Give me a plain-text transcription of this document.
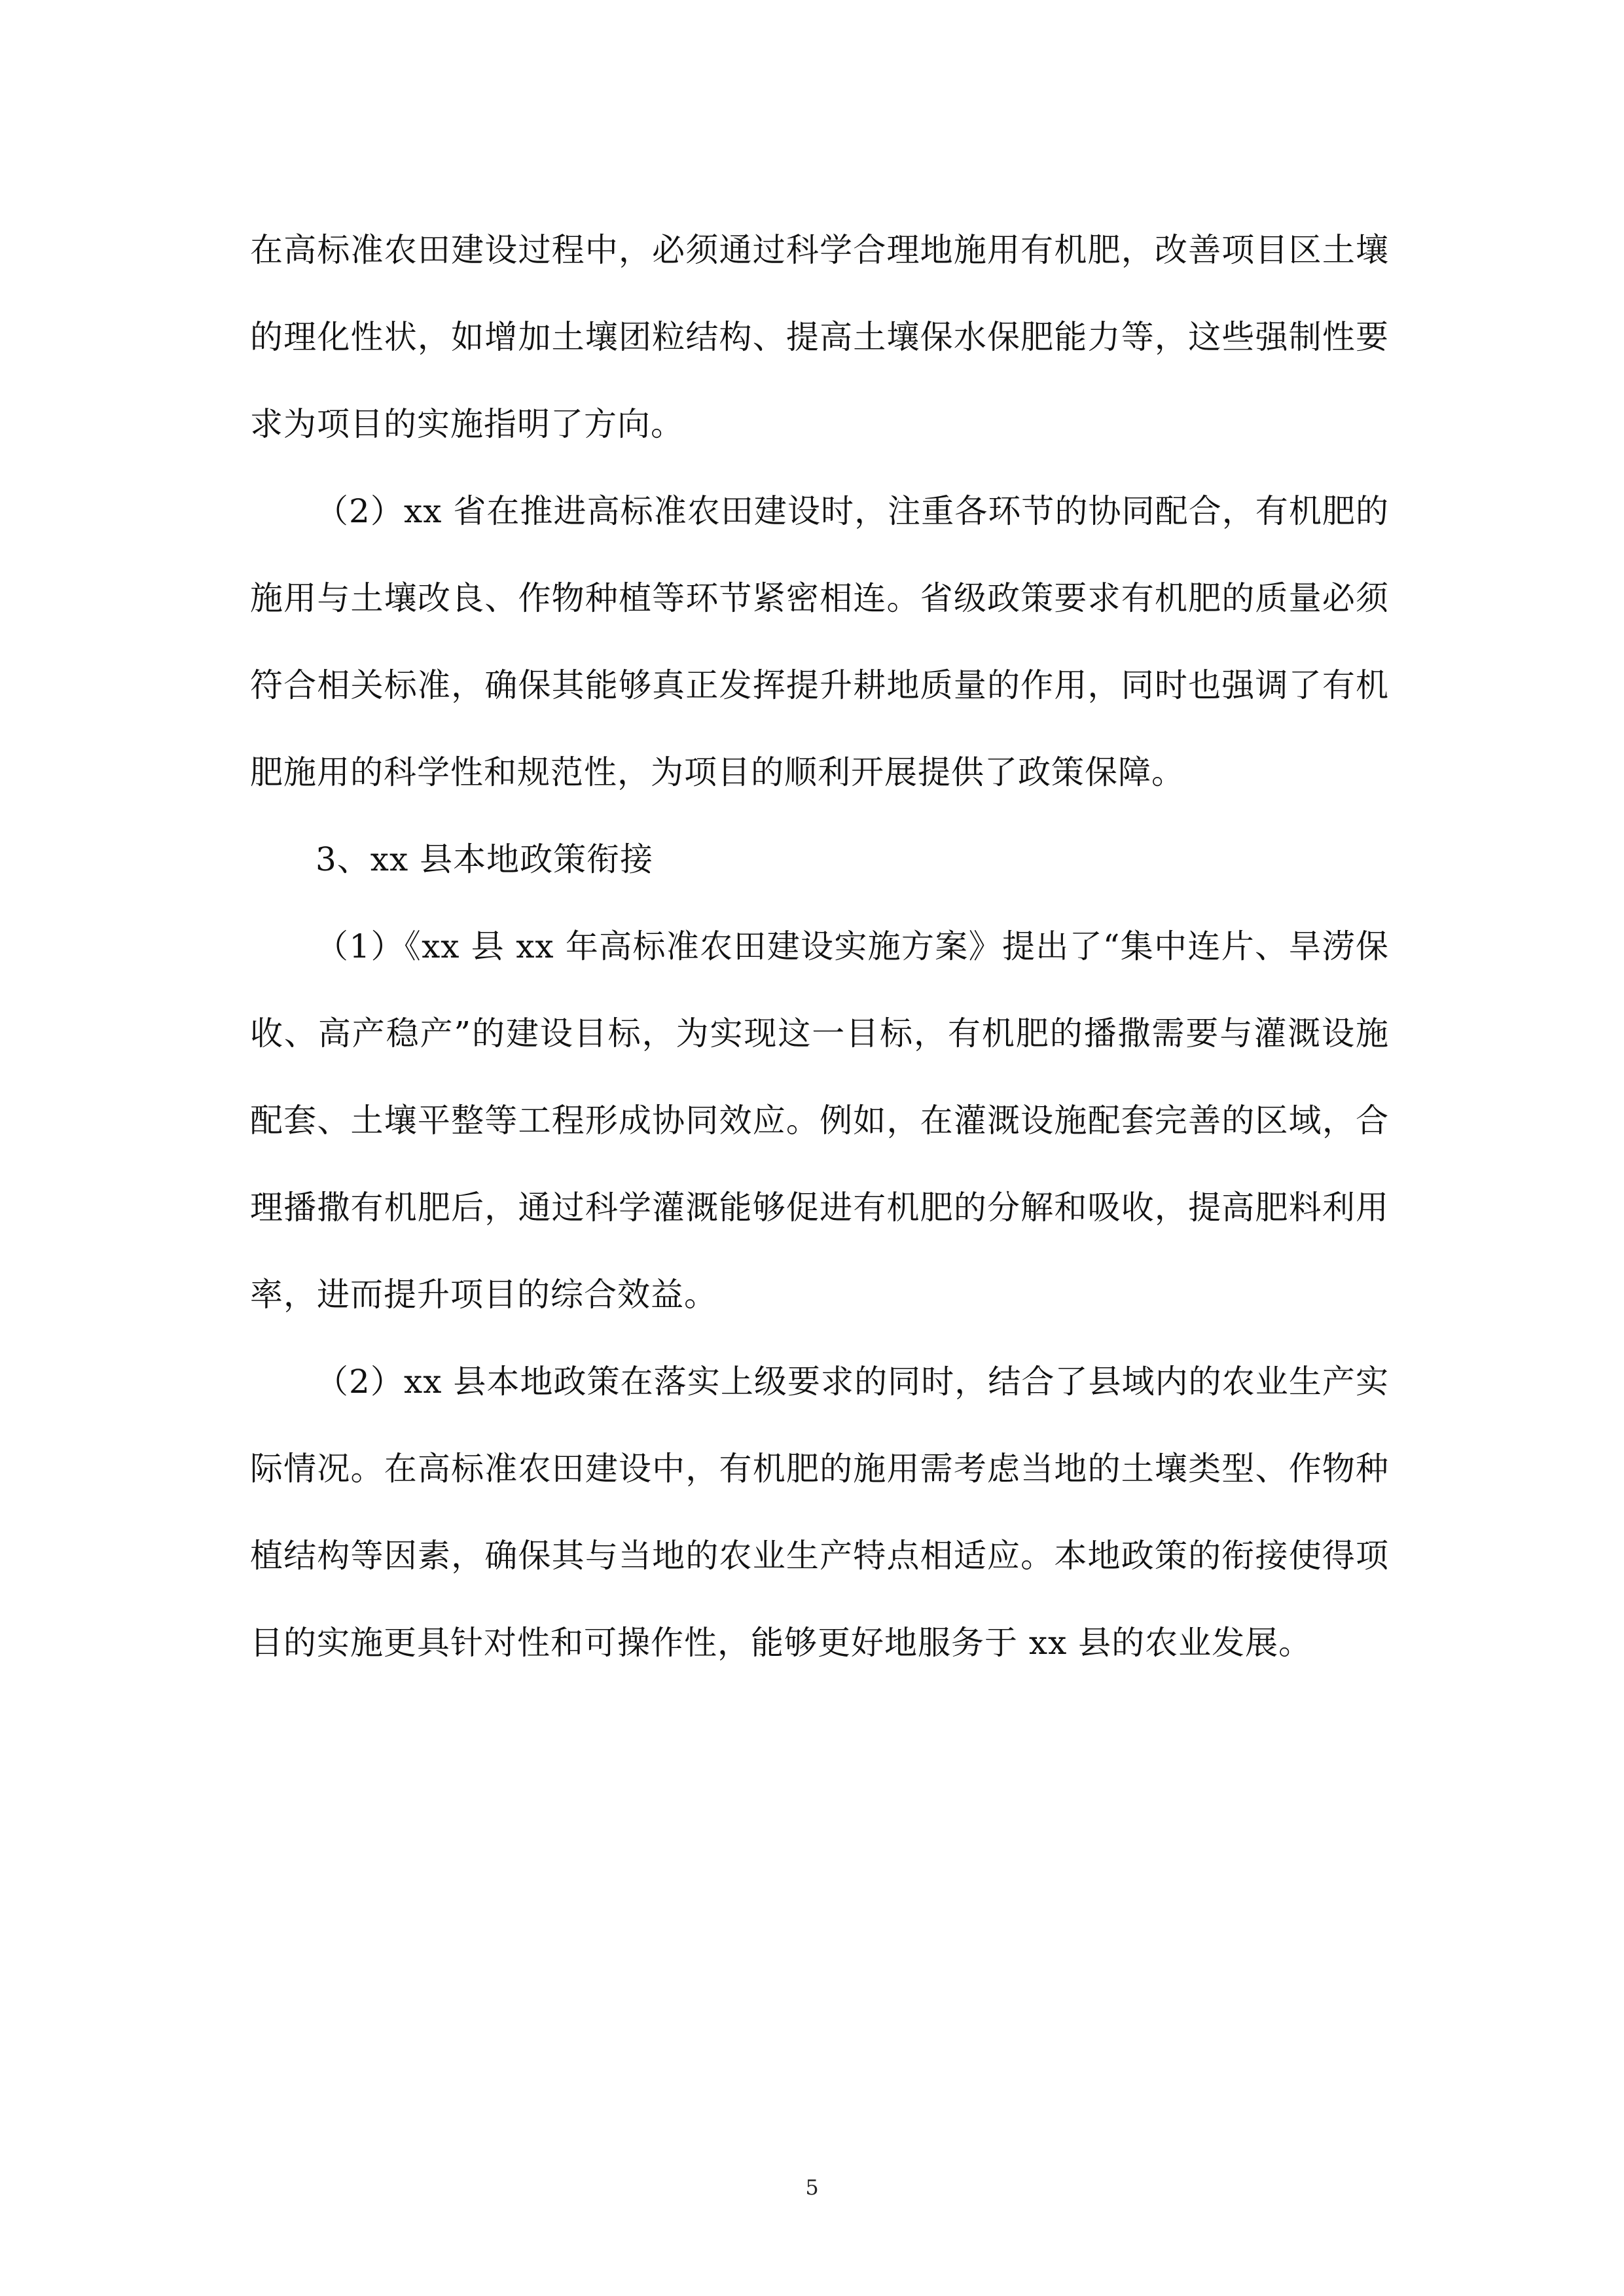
在高标准农田建设过程中，必须通过科学合理地施用有机肥，改善项目区土壤的理化性状，如增加土壤团粒结构、提高土壤保水保肥能力等，这些强制性要求为项目的实施指明了方向。

（2）xx 省在推进高标准农田建设时，注重各环节的协同配合，有机肥的施用与土壤改良、作物种植等环节紧密相连。省级政策要求有机肥的质量必须符合相关标准，确保其能够真正发挥提升耕地质量的作用，同时也强调了有机肥施用的科学性和规范性，为项目的顺利开展提供了政策保障。

3、xx 县本地政策衔接

（1）《xx 县 xx 年高标准农田建设实施方案》提出了“集中连片、旱涝保收、高产稳产”的建设目标，为实现这一目标，有机肥的播撒需要与灌溉设施配套、土壤平整等工程形成协同效应。例如，在灌溉设施配套完善的区域，合理播撒有机肥后，通过科学灌溉能够促进有机肥的分解和吸收，提高肥料利用率，进而提升项目的综合效益。

（2）xx 县本地政策在落实上级要求的同时，结合了县域内的农业生产实际情况。在高标准农田建设中，有机肥的施用需考虑当地的土壤类型、作物种植结构等因素，确保其与当地的农业生产特点相适应。本地政策的衔接使得项目的实施更具针对性和可操作性，能够更好地服务于 xx 县的农业发展。

5
